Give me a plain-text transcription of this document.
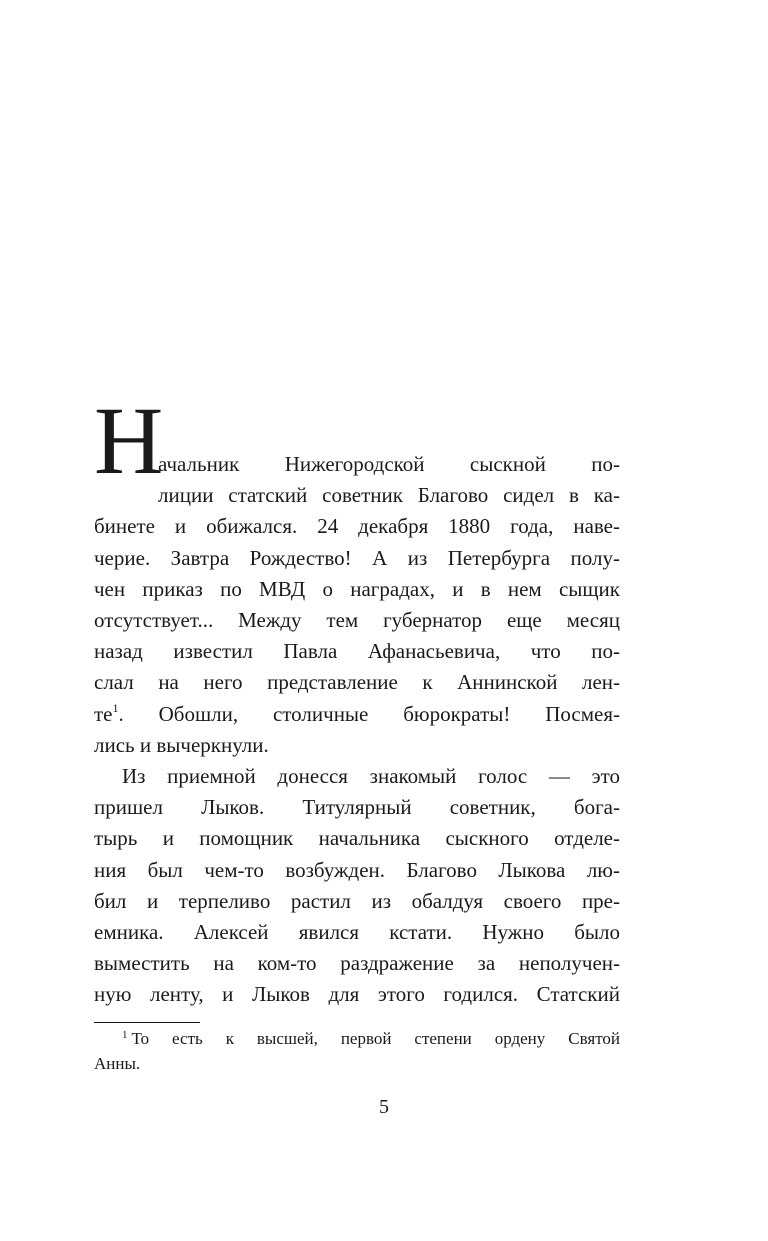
Н
ачальник Нижегородской сыскной по-
лиции статский советник Благово сидел в ка-
бинете и обижался. 24 декабря 1880 года, наве-
черие. Завтра Рождество! А из Петербурга полу-
чен приказ по МВД о наградах, и в нем сыщик
отсутствует... Между тем губернатор еще месяц
назад известил Павла Афанасьевича, что по-
слал на него представление к Аннинской лен-
те$^1$. Обошли, столичные бюрократы! Посмея-
лись и вычеркнули.
Из приемной донесся знакомый голос — это
пришел Лыков. Титулярный советник, бога-
тырь и помощник начальника сыскного отделе-
ния был чем-то возбужден. Благово Лыкова лю-
бил и терпеливо растил из обалдуя своего пре-
емника. Алексей явился кстати. Нужно было
выместить на ком-то раздражение за неполучен-
ную ленту, и Лыков для этого годился. Статский
$^1$ То есть к высшей, первой степени ордену Святой
Анны.
5
